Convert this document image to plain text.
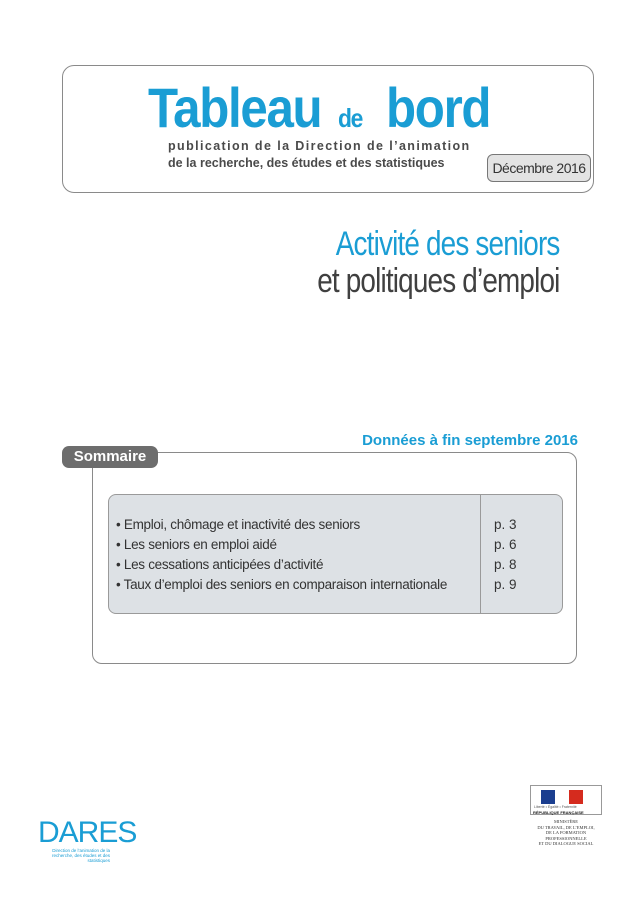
Tableau de bord
publication de la Direction de l’animation
de la recherche, des études et des statistiques	Décembre 2016
Activité des seniors
et politiques d’emploi
Données à fin septembre 2016
Sommaire
• Emploi, chômage et inactivité des seniors
• Les seniors en emploi aidé
• Les cessations anticipées d’activité
• Taux d’emploi des seniors en comparaison internationale
p. 3
p. 6
p. 8
p. 9
DARES
Direction de l’animation de la recherche, des études et des statistiques
Liberté • Égalité • Fraternité
RÉPUBLIQUE FRANÇAISE
MINISTÈRE
DU TRAVAIL, DE L’EMPLOI,
DE LA FORMATION
PROFESSIONNELLE
ET DU DIALOGUE SOCIAL
